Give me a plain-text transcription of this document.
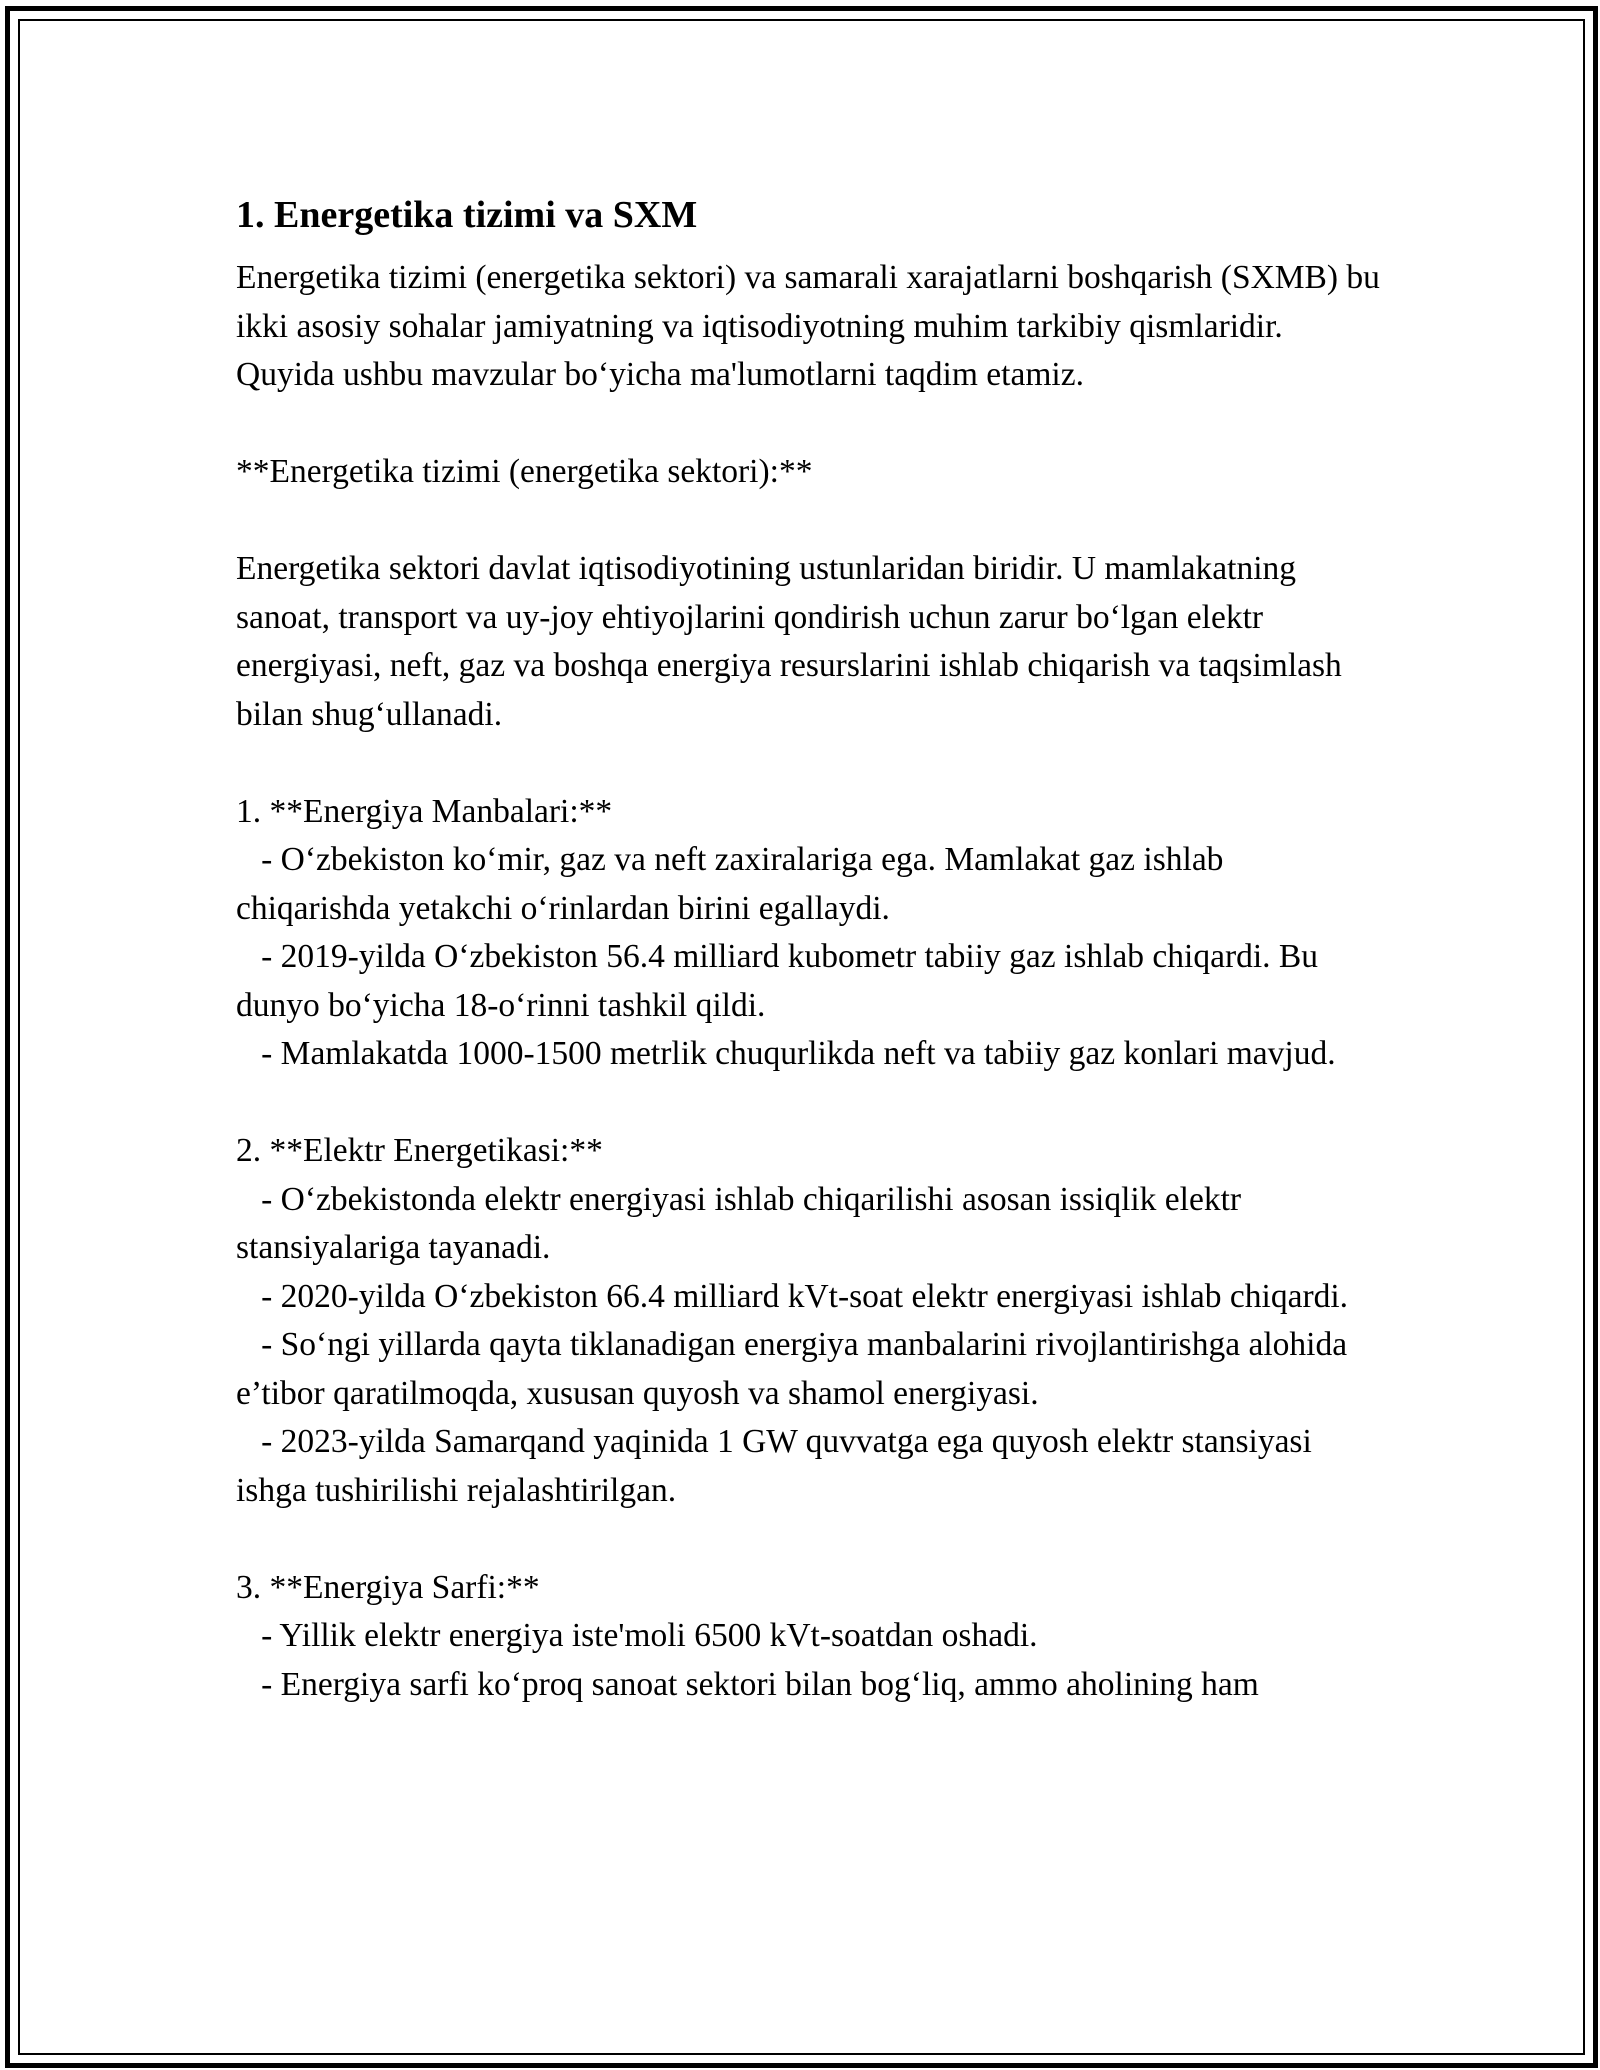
1. Energetika tizimi va SXM

Energetika tizimi (energetika sektori) va samarali xarajatlarni boshqarish (SXMB) bu ikki asosiy sohalar jamiyatning va iqtisodiyotning muhim tarkibiy qismlaridir. Quyida ushbu mavzular bo‘yicha ma'lumotlarni taqdim etamiz.

**Energetika tizimi (energetika sektori):**

Energetika sektori davlat iqtisodiyotining ustunlaridan biridir. U mamlakatning sanoat, transport va uy-joy ehtiyojlarini qondirish uchun zarur bo‘lgan elektr energiyasi, neft, gaz va boshqa energiya resurslarini ishlab chiqarish va taqsimlash bilan shug‘ullanadi.

1. **Energiya Manbalari:**

- O‘zbekiston ko‘mir, gaz va neft zaxiralariga ega. Mamlakat gaz ishlab chiqarishda yetakchi o‘rinlardan birini egallaydi.

- 2019-yilda O‘zbekiston 56.4 milliard kubometr tabiiy gaz ishlab chiqardi. Bu dunyo bo‘yicha 18-o‘rinni tashkil qildi.

- Mamlakatda 1000-1500 metrlik chuqurlikda neft va tabiiy gaz konlari mavjud.

2. **Elektr Energetikasi:**

- O‘zbekistonda elektr energiyasi ishlab chiqarilishi asosan issiqlik elektr stansiyalariga tayanadi.

- 2020-yilda O‘zbekiston 66.4 milliard kVt-soat elektr energiyasi ishlab chiqardi.

- So‘ngi yillarda qayta tiklanadigan energiya manbalarini rivojlantirishga alohida e’tibor qaratilmoqda, xususan quyosh va shamol energiyasi.

- 2023-yilda Samarqand yaqinida 1 GW quvvatga ega quyosh elektr stansiyasi ishga tushirilishi rejalashtirilgan.

3. **Energiya Sarfi:**

- Yillik elektr energiya iste'moli 6500 kVt-soatdan oshadi.

- Energiya sarfi ko‘proq sanoat sektori bilan bog‘liq, ammo aholining ham
